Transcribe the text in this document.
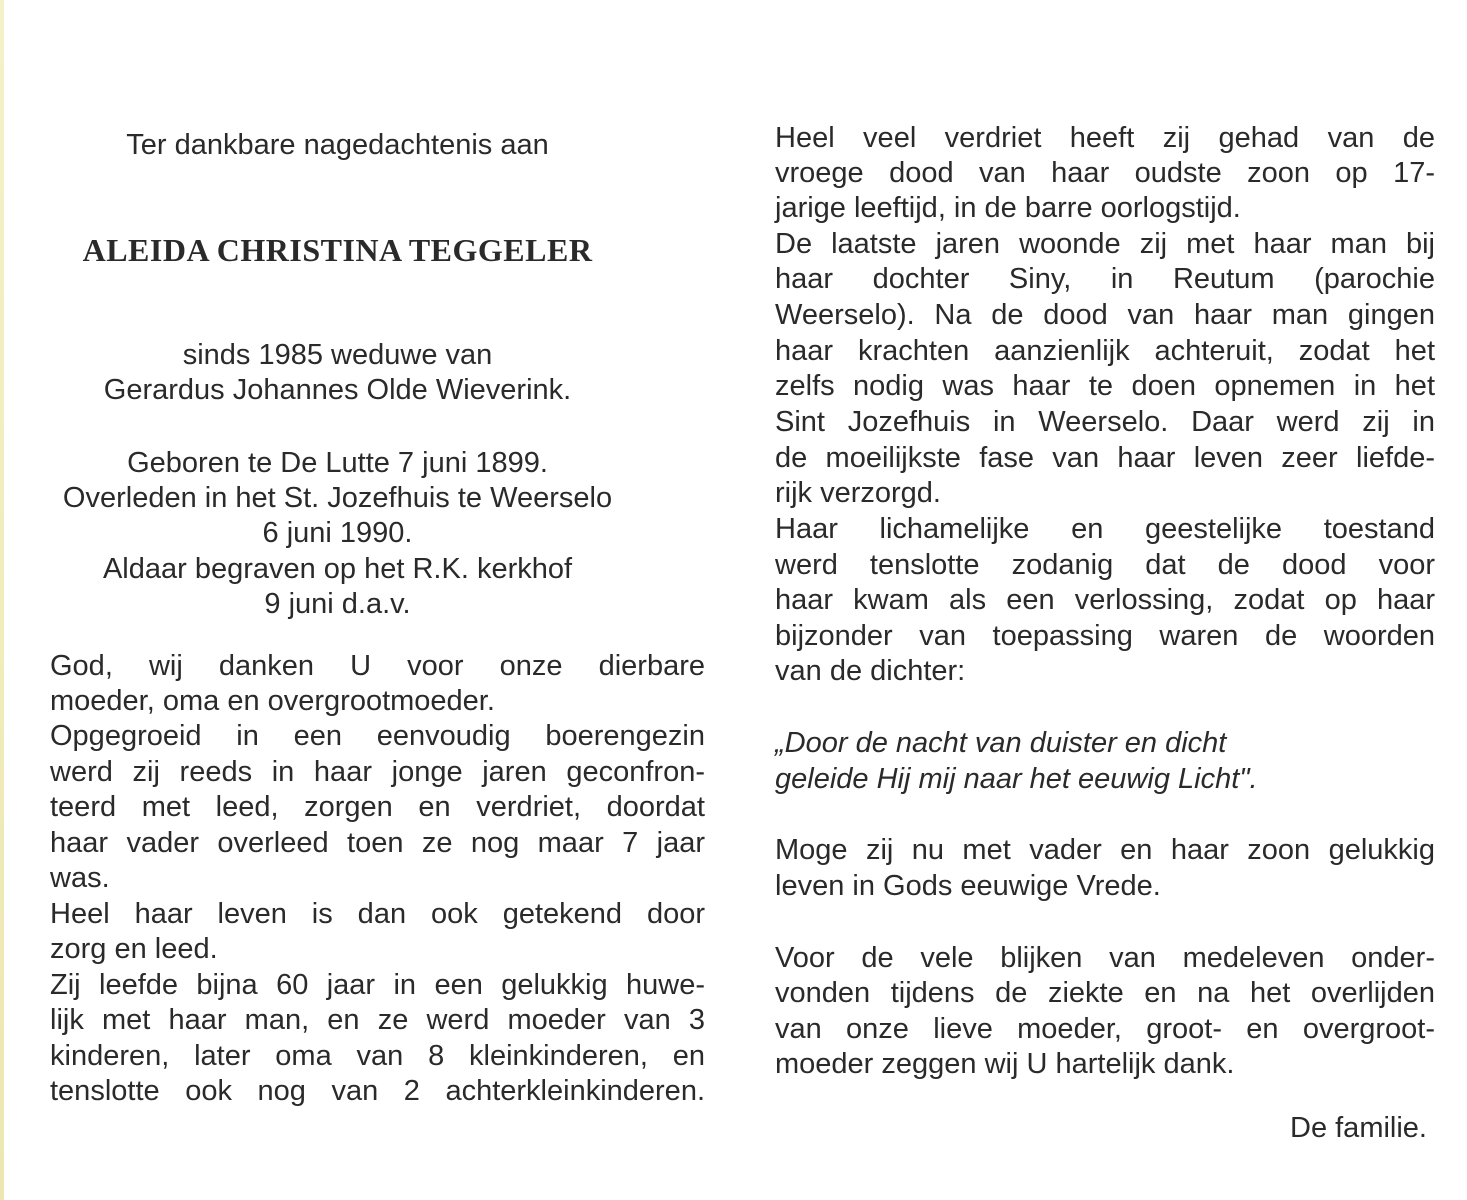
Ter dankbare nagedachtenis aan
ALEIDA CHRISTINA TEGGELER
sinds 1985 weduwe van
Gerardus Johannes Olde Wieverink.
Geboren te De Lutte 7 juni 1899.
Overleden in het St. Jozefhuis te Weerselo
6 juni 1990.
Aldaar begraven op het R.K. kerkhof
9 juni d.a.v.
God, wij danken U voor onze dierbare
moeder, oma en overgrootmoeder.
Opgegroeid in een eenvoudig boerengezin
werd zij reeds in haar jonge jaren geconfron-
teerd met leed, zorgen en verdriet, doordat
haar vader overleed toen ze nog maar 7 jaar
was.
Heel haar leven is dan ook getekend door
zorg en leed.
Zij leefde bijna 60 jaar in een gelukkig huwe-
lijk met haar man, en ze werd moeder van 3
kinderen, later oma van 8 kleinkinderen, en
tenslotte ook nog van 2 achterkleinkinderen.
Heel veel verdriet heeft zij gehad van de
vroege dood van haar oudste zoon op 17-
jarige leeftijd, in de barre oorlogstijd.
De laatste jaren woonde zij met haar man bij
haar dochter Siny, in Reutum (parochie
Weerselo). Na de dood van haar man gingen
haar krachten aanzienlijk achteruit, zodat het
zelfs nodig was haar te doen opnemen in het
Sint Jozefhuis in Weerselo. Daar werd zij in
de moeilijkste fase van haar leven zeer liefde-
rijk verzorgd.
Haar lichamelijke en geestelijke toestand
werd tenslotte zodanig dat de dood voor
haar kwam als een verlossing, zodat op haar
bijzonder van toepassing waren de woorden
van de dichter:
„Door de nacht van duister en dicht
geleide Hij mij naar het eeuwig Licht".
Moge zij nu met vader en haar zoon gelukkig
leven in Gods eeuwige Vrede.
Voor de vele blijken van medeleven onder-
vonden tijdens de ziekte en na het overlijden
van onze lieve moeder, groot- en overgroot-
moeder zeggen wij U hartelijk dank.
De familie.
